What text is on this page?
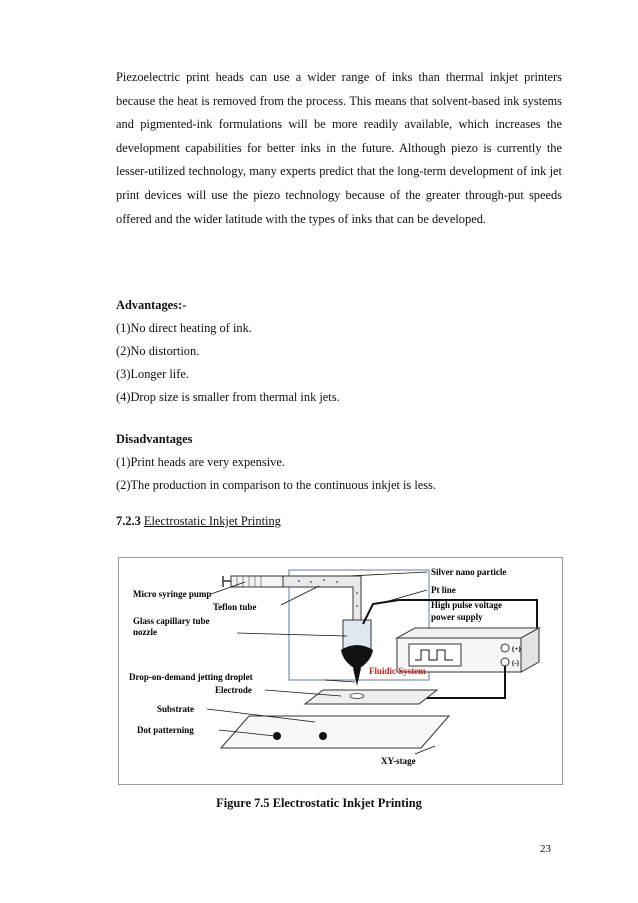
Piezoelectric print heads can use a wider range of inks than thermal inkjet printers because the heat is removed from the process. This means that solvent-based ink systems and pigmented-ink formulations will be more readily available, which increases the development capabilities for better inks in the future. Although piezo is currently the lesser-utilized technology, many experts predict that the long-term development of ink jet print devices will use the piezo technology because of the greater through-put speeds offered and the wider latitude with the types of inks that can be developed.
Advantages:-
(1)No direct heating of ink.
(2)No distortion.
(3)Longer life.
(4)Drop size is smaller from thermal ink jets.
Disadvantages
(1)Print heads are very expensive.
(2)The production in comparison to the continuous inkjet is less.
7.2.3 Electrostatic Inkjet Printing
Silver nano particle
Pt line
High pulse voltage
power supply
Micro syringe pump
Teflon tube
Glass capillary tube
nozzle
Fluidic System
Drop-on-demand jetting droplet
Electrode
Substrate
Dot patterning
XY-stage
(+)
(-)
Figure 7.5 Electrostatic Inkjet Printing
23
